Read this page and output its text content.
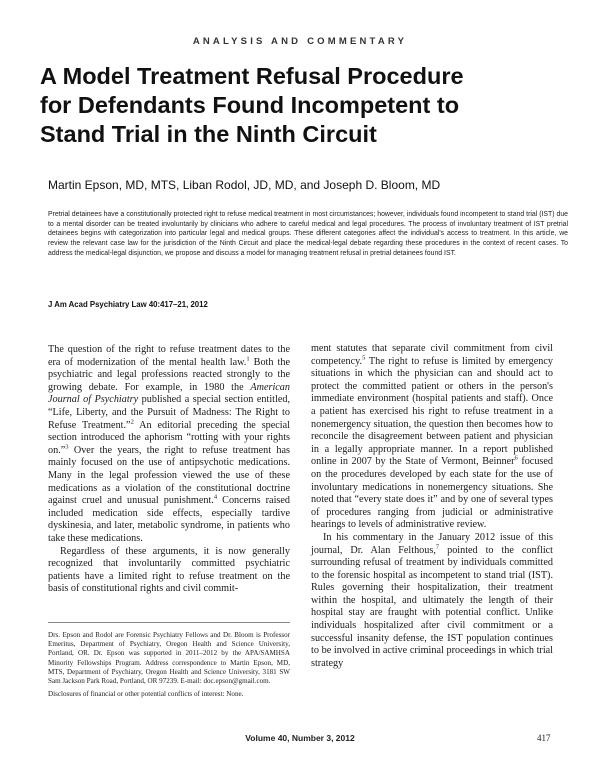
ANALYSIS AND COMMENTARY
A Model Treatment Refusal Procedure
for Defendants Found Incompetent to
Stand Trial in the Ninth Circuit
Martin Epson, MD, MTS, Liban Rodol, JD, MD, and Joseph D. Bloom, MD
Pretrial detainees have a constitutionally protected right to refuse medical treatment in most circumstances; however, individuals found incompetent to stand trial (IST) due to a mental disorder can be treated involuntarily by clinicians who adhere to careful medical and legal procedures. The process of involuntary treatment of IST pretrial detainees begins with categorization into particular legal and medical groups. These different categories affect the individual's access to treatment. In this article, we review the relevant case law for the jurisdiction of the Ninth Circuit and place the medical-legal debate regarding these procedures in the context of recent cases. To address the medical-legal disjunction, we propose and discuss a model for managing treatment refusal in pretrial detainees found IST.
J Am Acad Psychiatry Law 40:417–21, 2012

The question of the right to refuse treatment dates to the era of modernization of the mental health law.$^1$ Both the psychiatric and legal professions reacted strongly to the growing debate. For example, in 1980 the American Journal of Psychiatry published a special section entitled, “Life, Liberty, and the Pursuit of Madness: The Right to Refuse Treatment.”$^2$ An editorial preceding the special section introduced the aphorism “rotting with your rights on.”$^3$ Over the years, the right to refuse treatment has mainly focused on the use of antipsychotic medications. Many in the legal profession viewed the use of these medications as a violation of the constitutional doctrine against cruel and unusual punishment.$^4$ Concerns raised included medication side effects, especially tardive dyskinesia, and later, metabolic syndrome, in patients who take these medications.

Regardless of these arguments, it is now generally recognized that involuntarily committed psychiatric patients have a limited right to refuse treatment on the basis of constitutional rights and civil commit-

Drs. Epson and Rodol are Forensic Psychiatry Fellows and Dr. Bloom is Professor Emeritus, Department of Psychiatry, Oregon Health and Science University, Portland, OR. Dr. Epson was supported in 2011–2012 by the APA/SAMHSA Minority Fellowships Program. Address correspondence to Martin Epson, MD, MTS, Department of Psychiatry, Oregon Health and Science University, 3181 SW Sam Jackson Park Road, Portland, OR 97239. E-mail: doc.epson@gmail.com.

Disclosures of financial or other potential conflicts of interest: None.

ment statutes that separate civil commitment from civil competency.$^5$ The right to refuse is limited by emergency situations in which the physician can and should act to protect the committed patient or others in the person's immediate environment (hospital patients and staff). Once a patient has exercised his right to refuse treatment in a nonemergency situation, the question then becomes how to reconcile the disagreement between patient and physician in a legally appropriate manner. In a report published online in 2007 by the State of Vermont, Beinner$^6$ focused on the procedures developed by each state for the use of involuntary medications in nonemergency situations. She noted that “every state does it” and by one of several types of procedures ranging from judicial or administrative hearings to levels of administrative review.

In his commentary in the January 2012 issue of this journal, Dr. Alan Felthous,$^7$ pointed to the conflict surrounding refusal of treatment by individuals committed to the forensic hospital as incompetent to stand trial (IST). Rules governing their hospitalization, their treatment within the hospital, and ultimately the length of their hospital stay are fraught with potential conflict. Unlike individuals hospitalized after civil commitment or a successful insanity defense, the IST population continues to be involved in active criminal proceedings in which trial strategy

Volume 40, Number 3, 2012	417
